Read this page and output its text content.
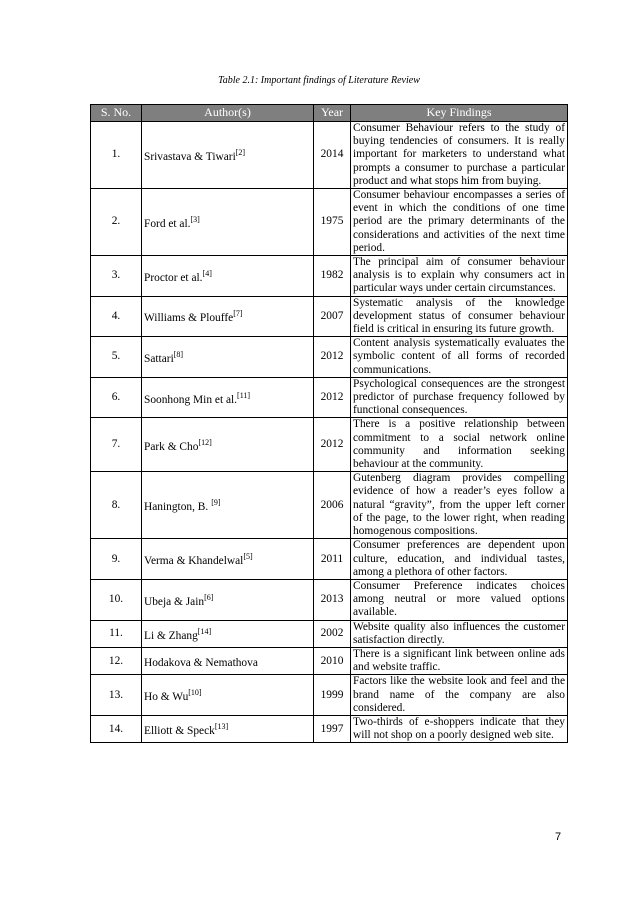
Table 2.1: Important findings of Literature Review
S. No.	Author(s)	Year	Key Findings
1.	Srivastava & Tiwari[2]	2014	Consumer Behaviour refers to the study of buying tendencies of consumers. It is really important for marketers to understand what prompts a consumer to purchase a particular product and what stops him from buying.
2.	Ford et al.[3]	1975	Consumer behaviour encompasses a series of event in which the conditions of one time period are the primary determinants of the considerations and activities of the next time period.
3.	Proctor et al.[4]	1982	The principal aim of consumer behaviour analysis is to explain why consumers act in particular ways under certain circumstances.
4.	Williams & Plouffe[7]	2007	Systematic analysis of the knowledge development status of consumer behaviour field is critical in ensuring its future growth.
5.	Sattari[8]	2012	Content analysis systematically evaluates the symbolic content of all forms of recorded communications.
6.	Soonhong Min et al.[11]	2012	Psychological consequences are the strongest predictor of purchase frequency followed by functional consequences.
7.	Park & Cho[12]	2012	There is a positive relationship between commitment to a social network online community and information seeking behaviour at the community.
8.	Hanington, B. [9]	2006	Gutenberg diagram provides compelling evidence of how a reader’s eyes follow a natural “gravity”, from the upper left corner of the page, to the lower right, when reading homogenous compositions.
9.	Verma & Khandelwal[5]	2011	Consumer preferences are dependent upon culture, education, and individual tastes, among a plethora of other factors.
10.	Ubeja & Jain[6]	2013	Consumer Preference indicates choices among neutral or more valued options available.
11.	Li & Zhang[14]	2002	Website quality also influences the customer satisfaction directly.
12.	Hodakova & Nemathova	2010	There is a significant link between online ads and website traffic.
13.	Ho & Wu[10]	1999	Factors like the website look and feel and the brand name of the company are also considered.
14.	Elliott & Speck[13]	1997	Two-thirds of e-shoppers indicate that they will not shop on a poorly designed web site.
7
